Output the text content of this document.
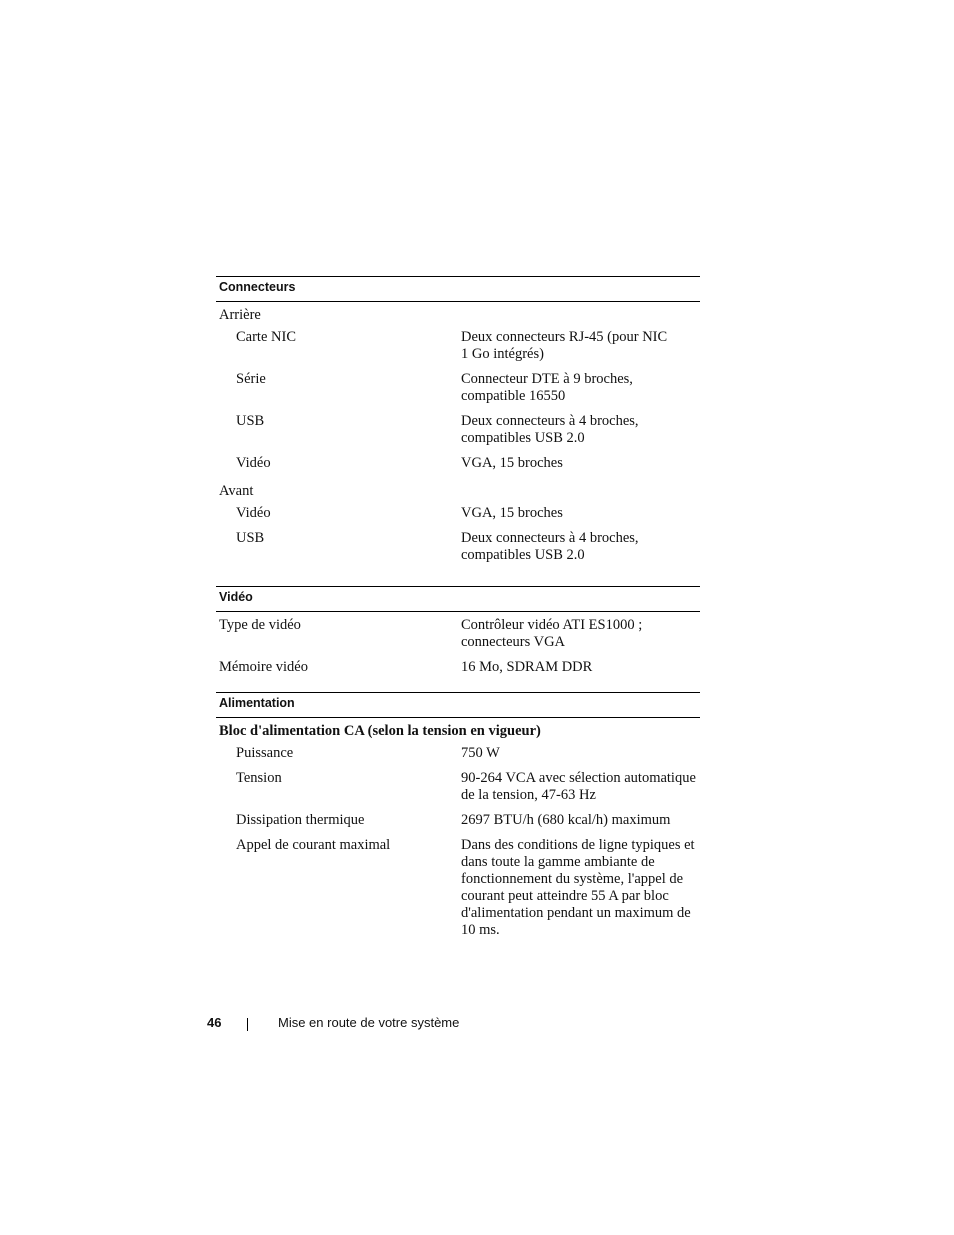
Connecteurs
Arrière
Carte NIC	Deux connecteurs RJ-45 (pour NIC
1 Go intégrés)
Série	Connecteur DTE à 9 broches,
compatible 16550
USB	Deux connecteurs à 4 broches,
compatibles USB 2.0
Vidéo	VGA, 15 broches
Avant
Vidéo	VGA, 15 broches
USB	Deux connecteurs à 4 broches,
compatibles USB 2.0
Vidéo
Type de vidéo	Contrôleur vidéo ATI ES1000 ;
connecteurs VGA
Mémoire vidéo	16 Mo, SDRAM DDR
Alimentation
Bloc d'alimentation CA (selon la tension en vigueur)
Puissance	750 W
Tension	90-264 VCA avec sélection automatique
de la tension, 47-63 Hz
Dissipation thermique	2697 BTU/h (680 kcal/h) maximum
Appel de courant maximal	Dans des conditions de ligne typiques et
dans toute la gamme ambiante de
fonctionnement du système, l'appel de
courant peut atteindre 55 A par bloc
d'alimentation pendant un maximum de
10 ms.
46	Mise en route de votre système
